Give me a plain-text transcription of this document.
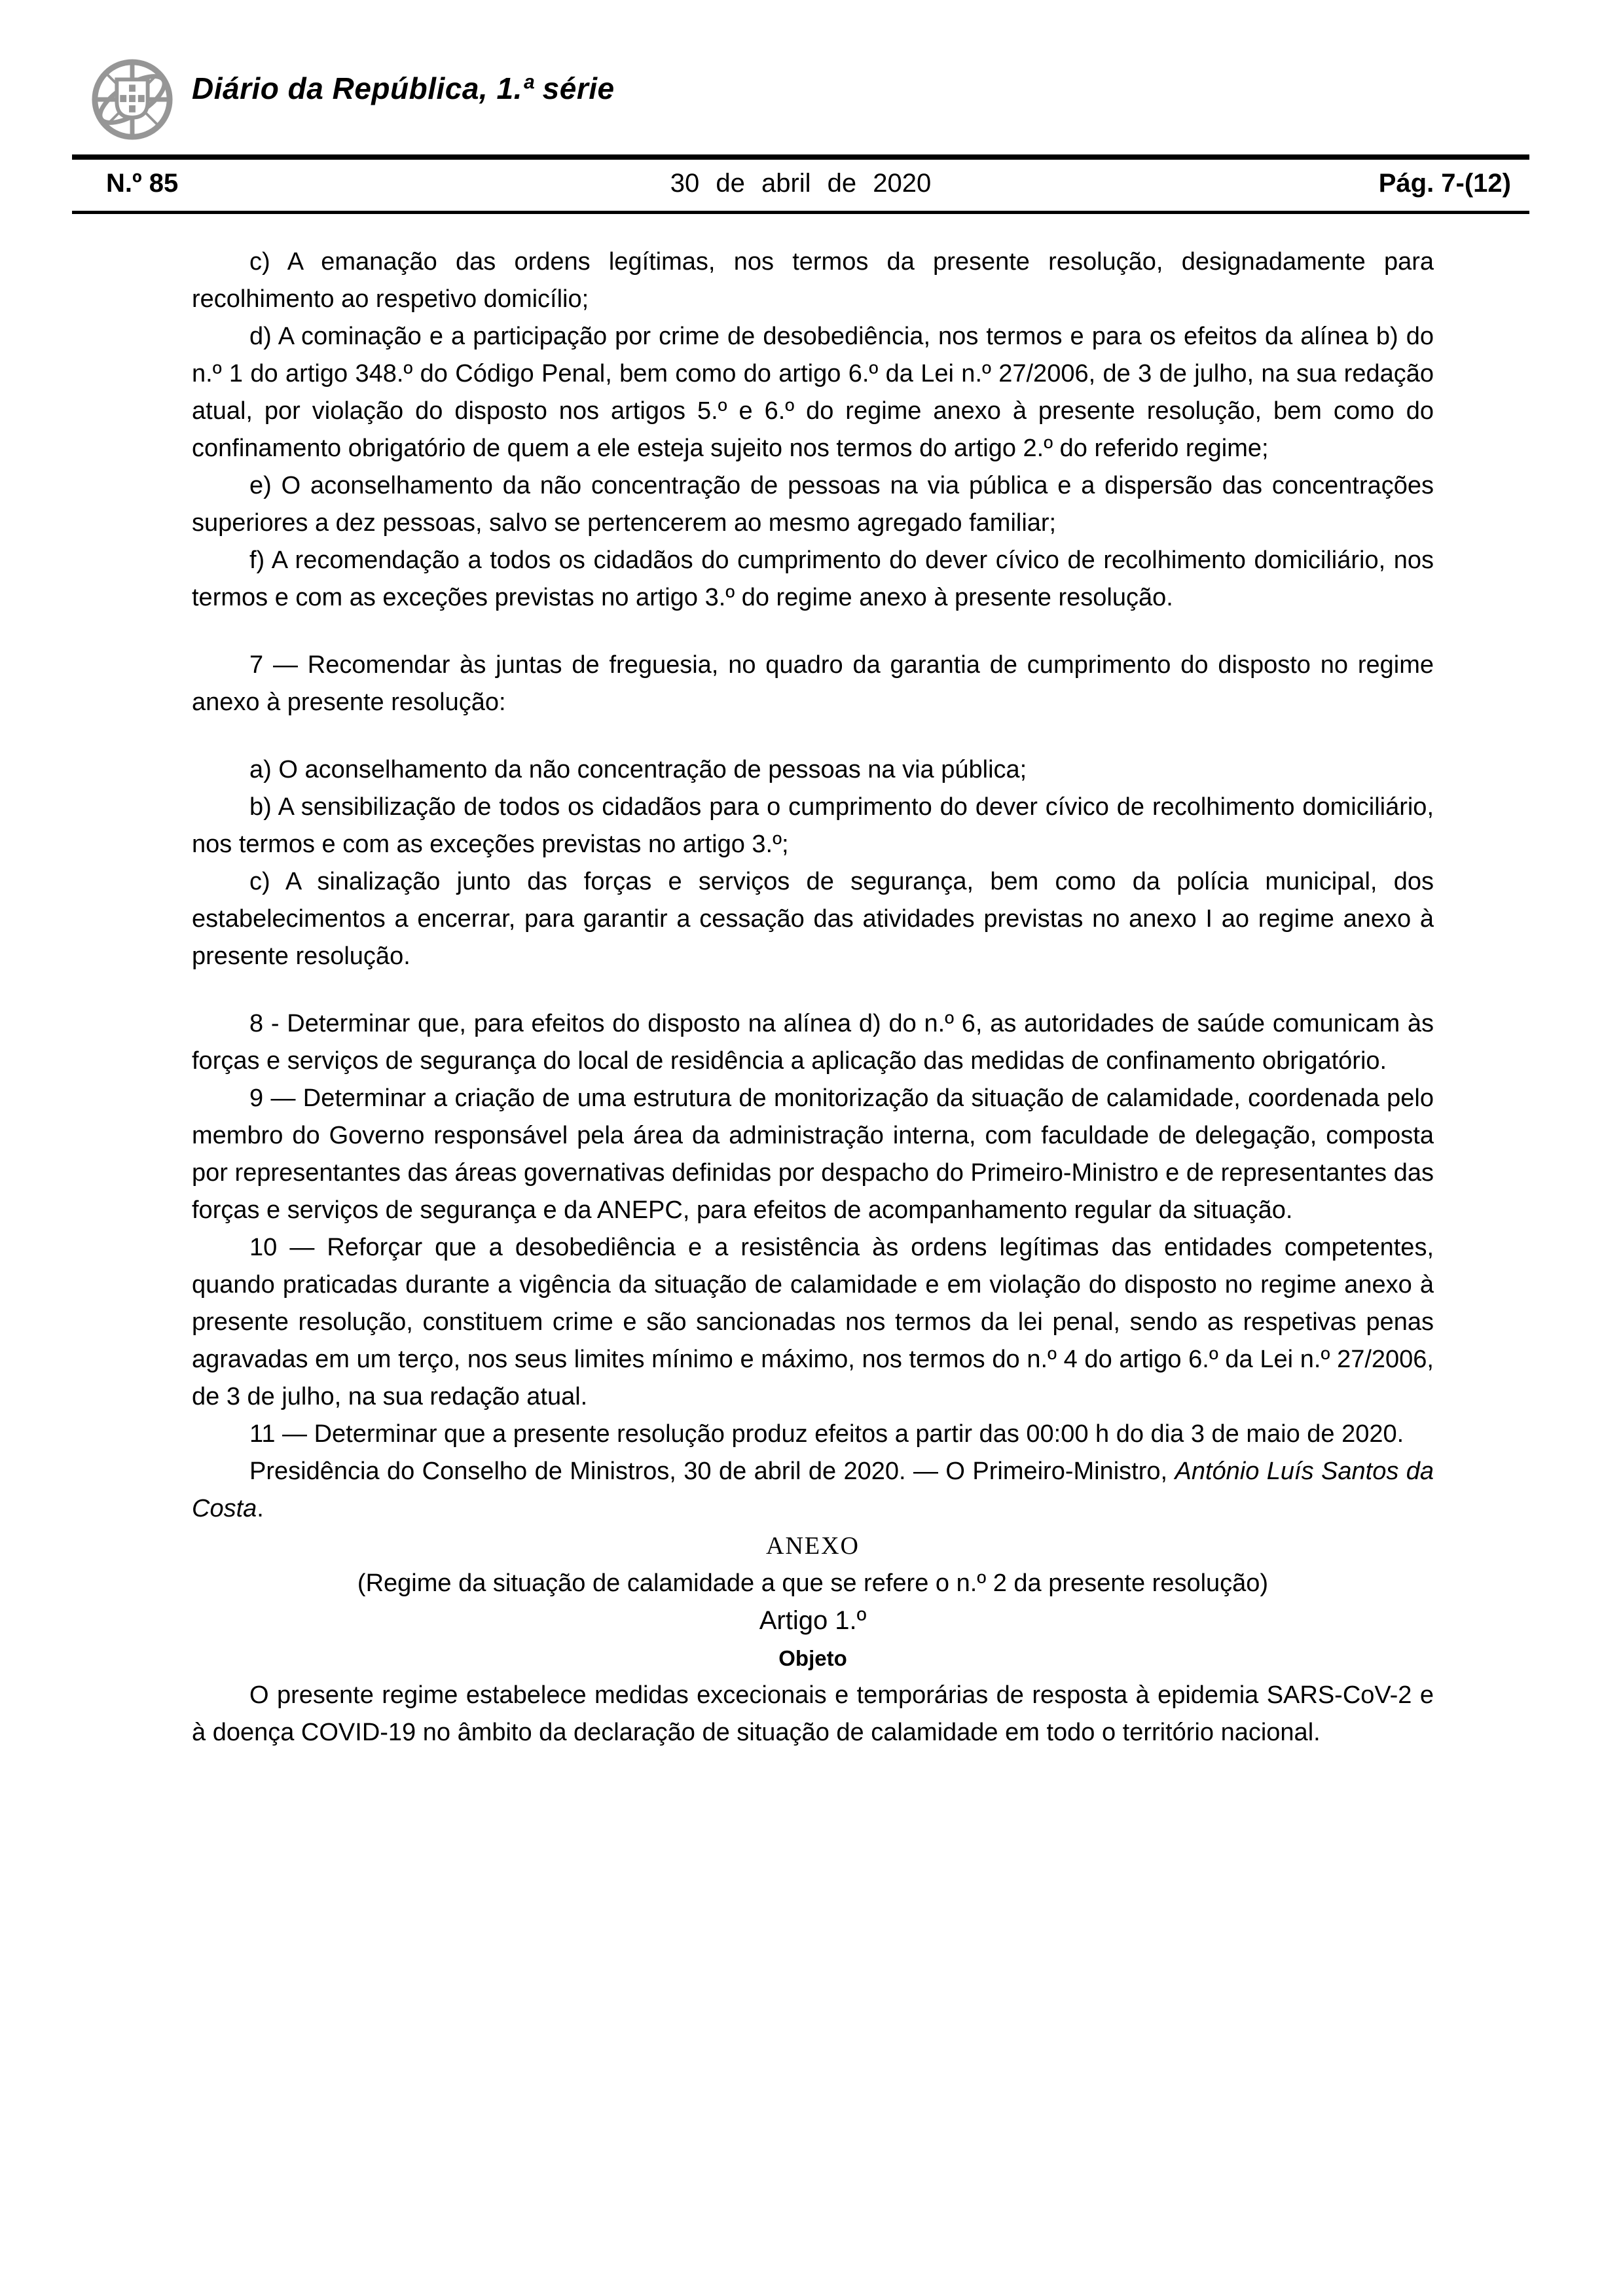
Diário da República, 1.ª série
N.º 85	30 de abril de 2020	Pág. 7-(12)

c) A emanação das ordens legítimas, nos termos da presente resolução, designadamente para recolhimento ao respetivo domicílio;

d) A cominação e a participação por crime de desobediência, nos termos e para os efeitos da alínea b) do n.º 1 do artigo 348.º do Código Penal, bem como do artigo 6.º da Lei n.º 27/2006, de 3 de julho, na sua redação atual, por violação do disposto nos artigos 5.º e 6.º do regime anexo à presente resolução, bem como do confinamento obrigatório de quem a ele esteja sujeito nos termos do artigo 2.º do referido regime;

e) O aconselhamento da não concentração de pessoas na via pública e a dispersão das concentrações superiores a dez pessoas, salvo se pertencerem ao mesmo agregado familiar;

f) A recomendação a todos os cidadãos do cumprimento do dever cívico de recolhimento domiciliário, nos termos e com as exceções previstas no artigo 3.º do regime anexo à presente resolução.

7 — Recomendar às juntas de freguesia, no quadro da garantia de cumprimento do disposto no regime anexo à presente resolução:

a) O aconselhamento da não concentração de pessoas na via pública;

b) A sensibilização de todos os cidadãos para o cumprimento do dever cívico de recolhimento domiciliário, nos termos e com as exceções previstas no artigo 3.º;

c) A sinalização junto das forças e serviços de segurança, bem como da polícia municipal, dos estabelecimentos a encerrar, para garantir a cessação das atividades previstas no anexo I ao regime anexo à presente resolução.

8 - Determinar que, para efeitos do disposto na alínea d) do n.º 6, as autoridades de saúde comunicam às forças e serviços de segurança do local de residência a aplicação das medidas de confinamento obrigatório.

9 — Determinar a criação de uma estrutura de monitorização da situação de calamidade, coordenada pelo membro do Governo responsável pela área da administração interna, com faculdade de delegação, composta por representantes das áreas governativas definidas por despacho do Primeiro-Ministro e de representantes das forças e serviços de segurança e da ANEPC, para efeitos de acompanhamento regular da situação.

10 — Reforçar que a desobediência e a resistência às ordens legítimas das entidades competentes, quando praticadas durante a vigência da situação de calamidade e em violação do disposto no regime anexo à presente resolução, constituem crime e são sancionadas nos termos da lei penal, sendo as respetivas penas agravadas em um terço, nos seus limites mínimo e máximo, nos termos do n.º 4 do artigo 6.º da Lei n.º 27/2006, de 3 de julho, na sua redação atual.

11 — Determinar que a presente resolução produz efeitos a partir das 00:00 h do dia 3 de maio de 2020.

Presidência do Conselho de Ministros, 30 de abril de 2020. — O Primeiro-Ministro, António Luís Santos da Costa.

ANEXO

(Regime da situação de calamidade a que se refere o n.º 2 da presente resolução)

Artigo 1.º

Objeto

O presente regime estabelece medidas excecionais e temporárias de resposta à epidemia SARS-CoV-2 e à doença COVID-19 no âmbito da declaração de situação de calamidade em todo o território nacional.
